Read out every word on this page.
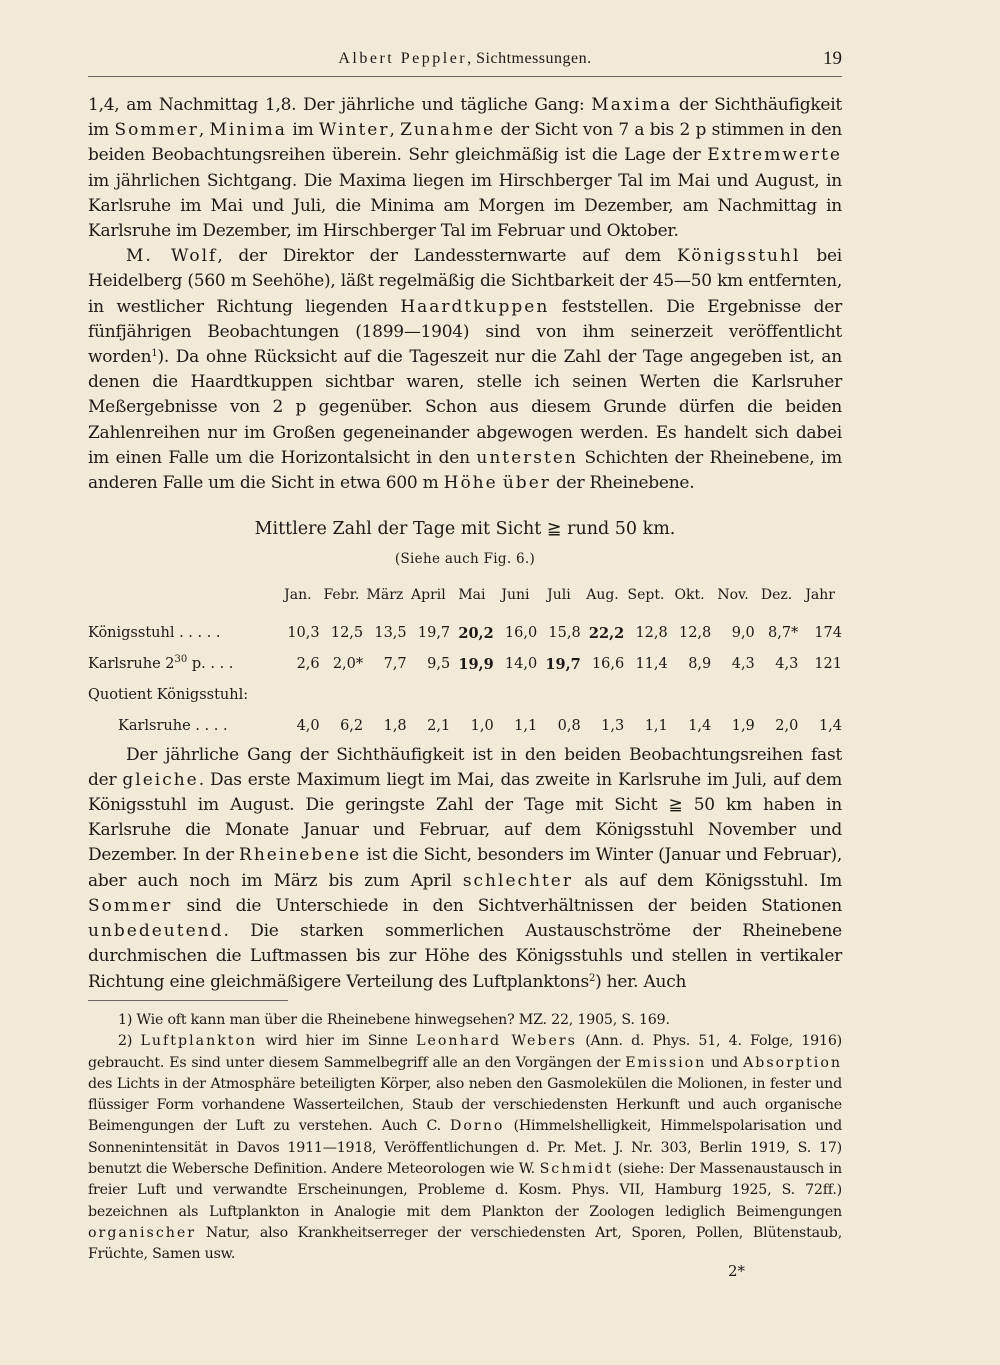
Albert Peppler, Sichtmessungen.	19

1,4, am Nachmittag 1,8. Der jährliche und tägliche Gang: Maxima der Sichthäufigkeit im Sommer, Minima im Winter, Zunahme der Sicht von 7 a bis 2 p stimmen in den beiden Beobachtungsreihen überein. Sehr gleichmäßig ist die Lage der Extremwerte im jährlichen Sichtgang. Die Maxima liegen im Hirschberger Tal im Mai und August, in Karlsruhe im Mai und Juli, die Minima am Morgen im Dezember, am Nachmittag in Karlsruhe im Dezember, im Hirschberger Tal im Februar und Oktober.

M. Wolf, der Direktor der Landessternwarte auf dem Königsstuhl bei Heidelberg (560 m Seehöhe), läßt regelmäßig die Sichtbarkeit der 45—50 km entfernten, in westlicher Richtung liegenden Haardtkuppen feststellen. Die Ergebnisse der fünfjährigen Beobachtungen (1899—1904) sind von ihm seinerzeit veröffentlicht worden$^1$). Da ohne Rücksicht auf die Tageszeit nur die Zahl der Tage angegeben ist, an denen die Haardtkuppen sichtbar waren, stelle ich seinen Werten die Karlsruher Meßergebnisse von 2 p gegenüber. Schon aus diesem Grunde dürfen die beiden Zahlenreihen nur im Großen gegeneinander abgewogen werden. Es handelt sich dabei im einen Falle um die Horizontalsicht in den untersten Schichten der Rheinebene, im anderen Falle um die Sicht in etwa 600 m Höhe über der Rheinebene.

Mittlere Zahl der Tage mit Sicht ≧ rund 50 km.
(Siehe auch Fig. 6.)
	Jan.	Febr.	März	April	Mai	Juni	Juli	Aug.	Sept.	Okt.	Nov.	Dez.	Jahr
Königsstuhl . . . . .	10,3	12,5	13,5	19,7	20,2	16,0	15,8	22,2	12,8	12,8	9,0	8,7*	174
Karlsruhe $2^{30}$ p. . . .	2,6	2,0*	7,7	9,5	19,9	14,0	19,7	16,6	11,4	8,9	4,3	4,3	121
Quotient Königsstuhl:													
Karlsruhe . . . .	4,0	6,2	1,8	2,1	1,0	1,1	0,8	1,3	1,1	1,4	1,9	2,0	1,4

Der jährliche Gang der Sichthäufigkeit ist in den beiden Beobachtungsreihen fast der gleiche. Das erste Maximum liegt im Mai, das zweite in Karlsruhe im Juli, auf dem Königsstuhl im August. Die geringste Zahl der Tage mit Sicht ≧ 50 km haben in Karlsruhe die Monate Januar und Februar, auf dem Königsstuhl November und Dezember. In der Rheinebene ist die Sicht, besonders im Winter (Januar und Februar), aber auch noch im März bis zum April schlechter als auf dem Königsstuhl. Im Sommer sind die Unterschiede in den Sichtverhältnissen der beiden Stationen unbedeutend. Die starken sommerlichen Austauschströme der Rheinebene durchmischen die Luftmassen bis zur Höhe des Königsstuhls und stellen in vertikaler Richtung eine gleichmäßigere Verteilung des Luftplanktons$^2$) her. Auch

1) Wie oft kann man über die Rheinebene hinwegsehen? MZ. 22, 1905, S. 169.

2) Luftplankton wird hier im Sinne Leonhard Webers (Ann. d. Phys. 51, 4. Folge, 1916) gebraucht. Es sind unter diesem Sammelbegriff alle an den Vorgängen der Emission und Absorption des Lichts in der Atmosphäre beteiligten Körper, also neben den Gasmolekülen die Molionen, in fester und flüssiger Form vorhandene Wasserteilchen, Staub der verschiedensten Herkunft und auch organische Beimengungen der Luft zu verstehen. Auch C. Dorno (Himmelshelligkeit, Himmelspolarisation und Sonnenintensität in Davos 1911—1918, Veröffentlichungen d. Pr. Met. J. Nr. 303, Berlin 1919, S. 17) benutzt die Webersche Definition. Andere Meteorologen wie W. Schmidt (siehe: Der Massenaustausch in freier Luft und verwandte Erscheinungen, Probleme d. Kosm. Phys. VII, Hamburg 1925, S. 72ff.) bezeichnen als Luftplankton in Analogie mit dem Plankton der Zoologen lediglich Beimengungen organischer Natur, also Krankheitserreger der verschiedensten Art, Sporen, Pollen, Blütenstaub, Früchte, Samen usw.

2*
